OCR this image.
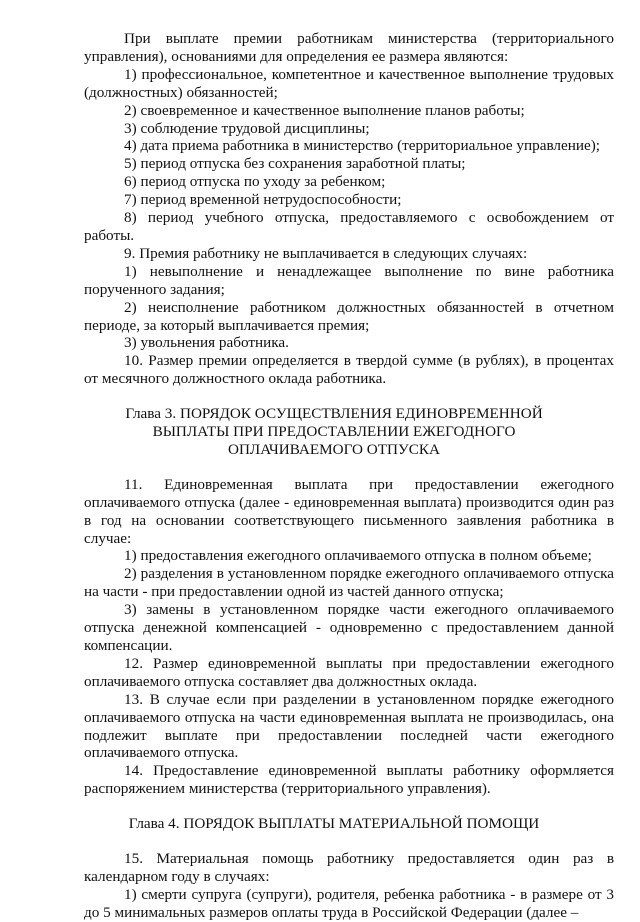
При выплате премии работникам министерства (территориального управления), основаниями для определения ее размера являются:

1) профессиональное, компетентное и качественное выполнение трудовых (должностных) обязанностей;

2) своевременное и качественное выполнение планов работы;

3) соблюдение трудовой дисциплины;

4) дата приема работника в министерство (территориальное управление);

5) период отпуска без сохранения заработной платы;

6) период отпуска по уходу за ребенком;

7) период временной нетрудоспособности;

8) период учебного отпуска, предоставляемого с освобождением от работы.

9. Премия работнику не выплачивается в следующих случаях:

1) невыполнение и ненадлежащее выполнение по вине работника порученного задания;

2) неисполнение работником должностных обязанностей в отчетном периоде, за который выплачивается премия;

3) увольнения работника.

10. Размер премии определяется в твердой сумме (в рублях), в процентах от месячного должностного оклада работника.

Глава 3. ПОРЯДОК ОСУЩЕСТВЛЕНИЯ ЕДИНОВРЕМЕННОЙ ВЫПЛАТЫ ПРИ ПРЕДОСТАВЛЕНИИ ЕЖЕГОДНОГО ОПЛАЧИВАЕМОГО ОТПУСКА

11. Единовременная выплата при предоставлении ежегодного оплачиваемого отпуска (далее - единовременная выплата) производится один раз в год на основании соответствующего письменного заявления работника в случае:

1) предоставления ежегодного оплачиваемого отпуска в полном объеме;

2) разделения в установленном порядке ежегодного оплачиваемого отпуска на части - при предоставлении одной из частей данного отпуска;

3) замены в установленном порядке части ежегодного оплачиваемого отпуска денежной компенсацией - одновременно с предоставлением данной компенсации.

12. Размер единовременной выплаты при предоставлении ежегодного оплачиваемого отпуска составляет два должностных оклада.

13. В случае если при разделении в установленном порядке ежегодного оплачиваемого отпуска на части единовременная выплата не производилась, она подлежит выплате при предоставлении последней части ежегодного оплачиваемого отпуска.

14. Предоставление единовременной выплаты работнику оформляется распоряжением министерства (территориального управления).

Глава 4. ПОРЯДОК ВЫПЛАТЫ МАТЕРИАЛЬНОЙ ПОМОЩИ

15. Материальная помощь работнику предоставляется один раз в календарном году в случаях:

1) смерти супруга (супруги), родителя, ребенка работника - в размере от 3 до 5 минимальных размеров оплаты труда в Российской Федерации (далее –
